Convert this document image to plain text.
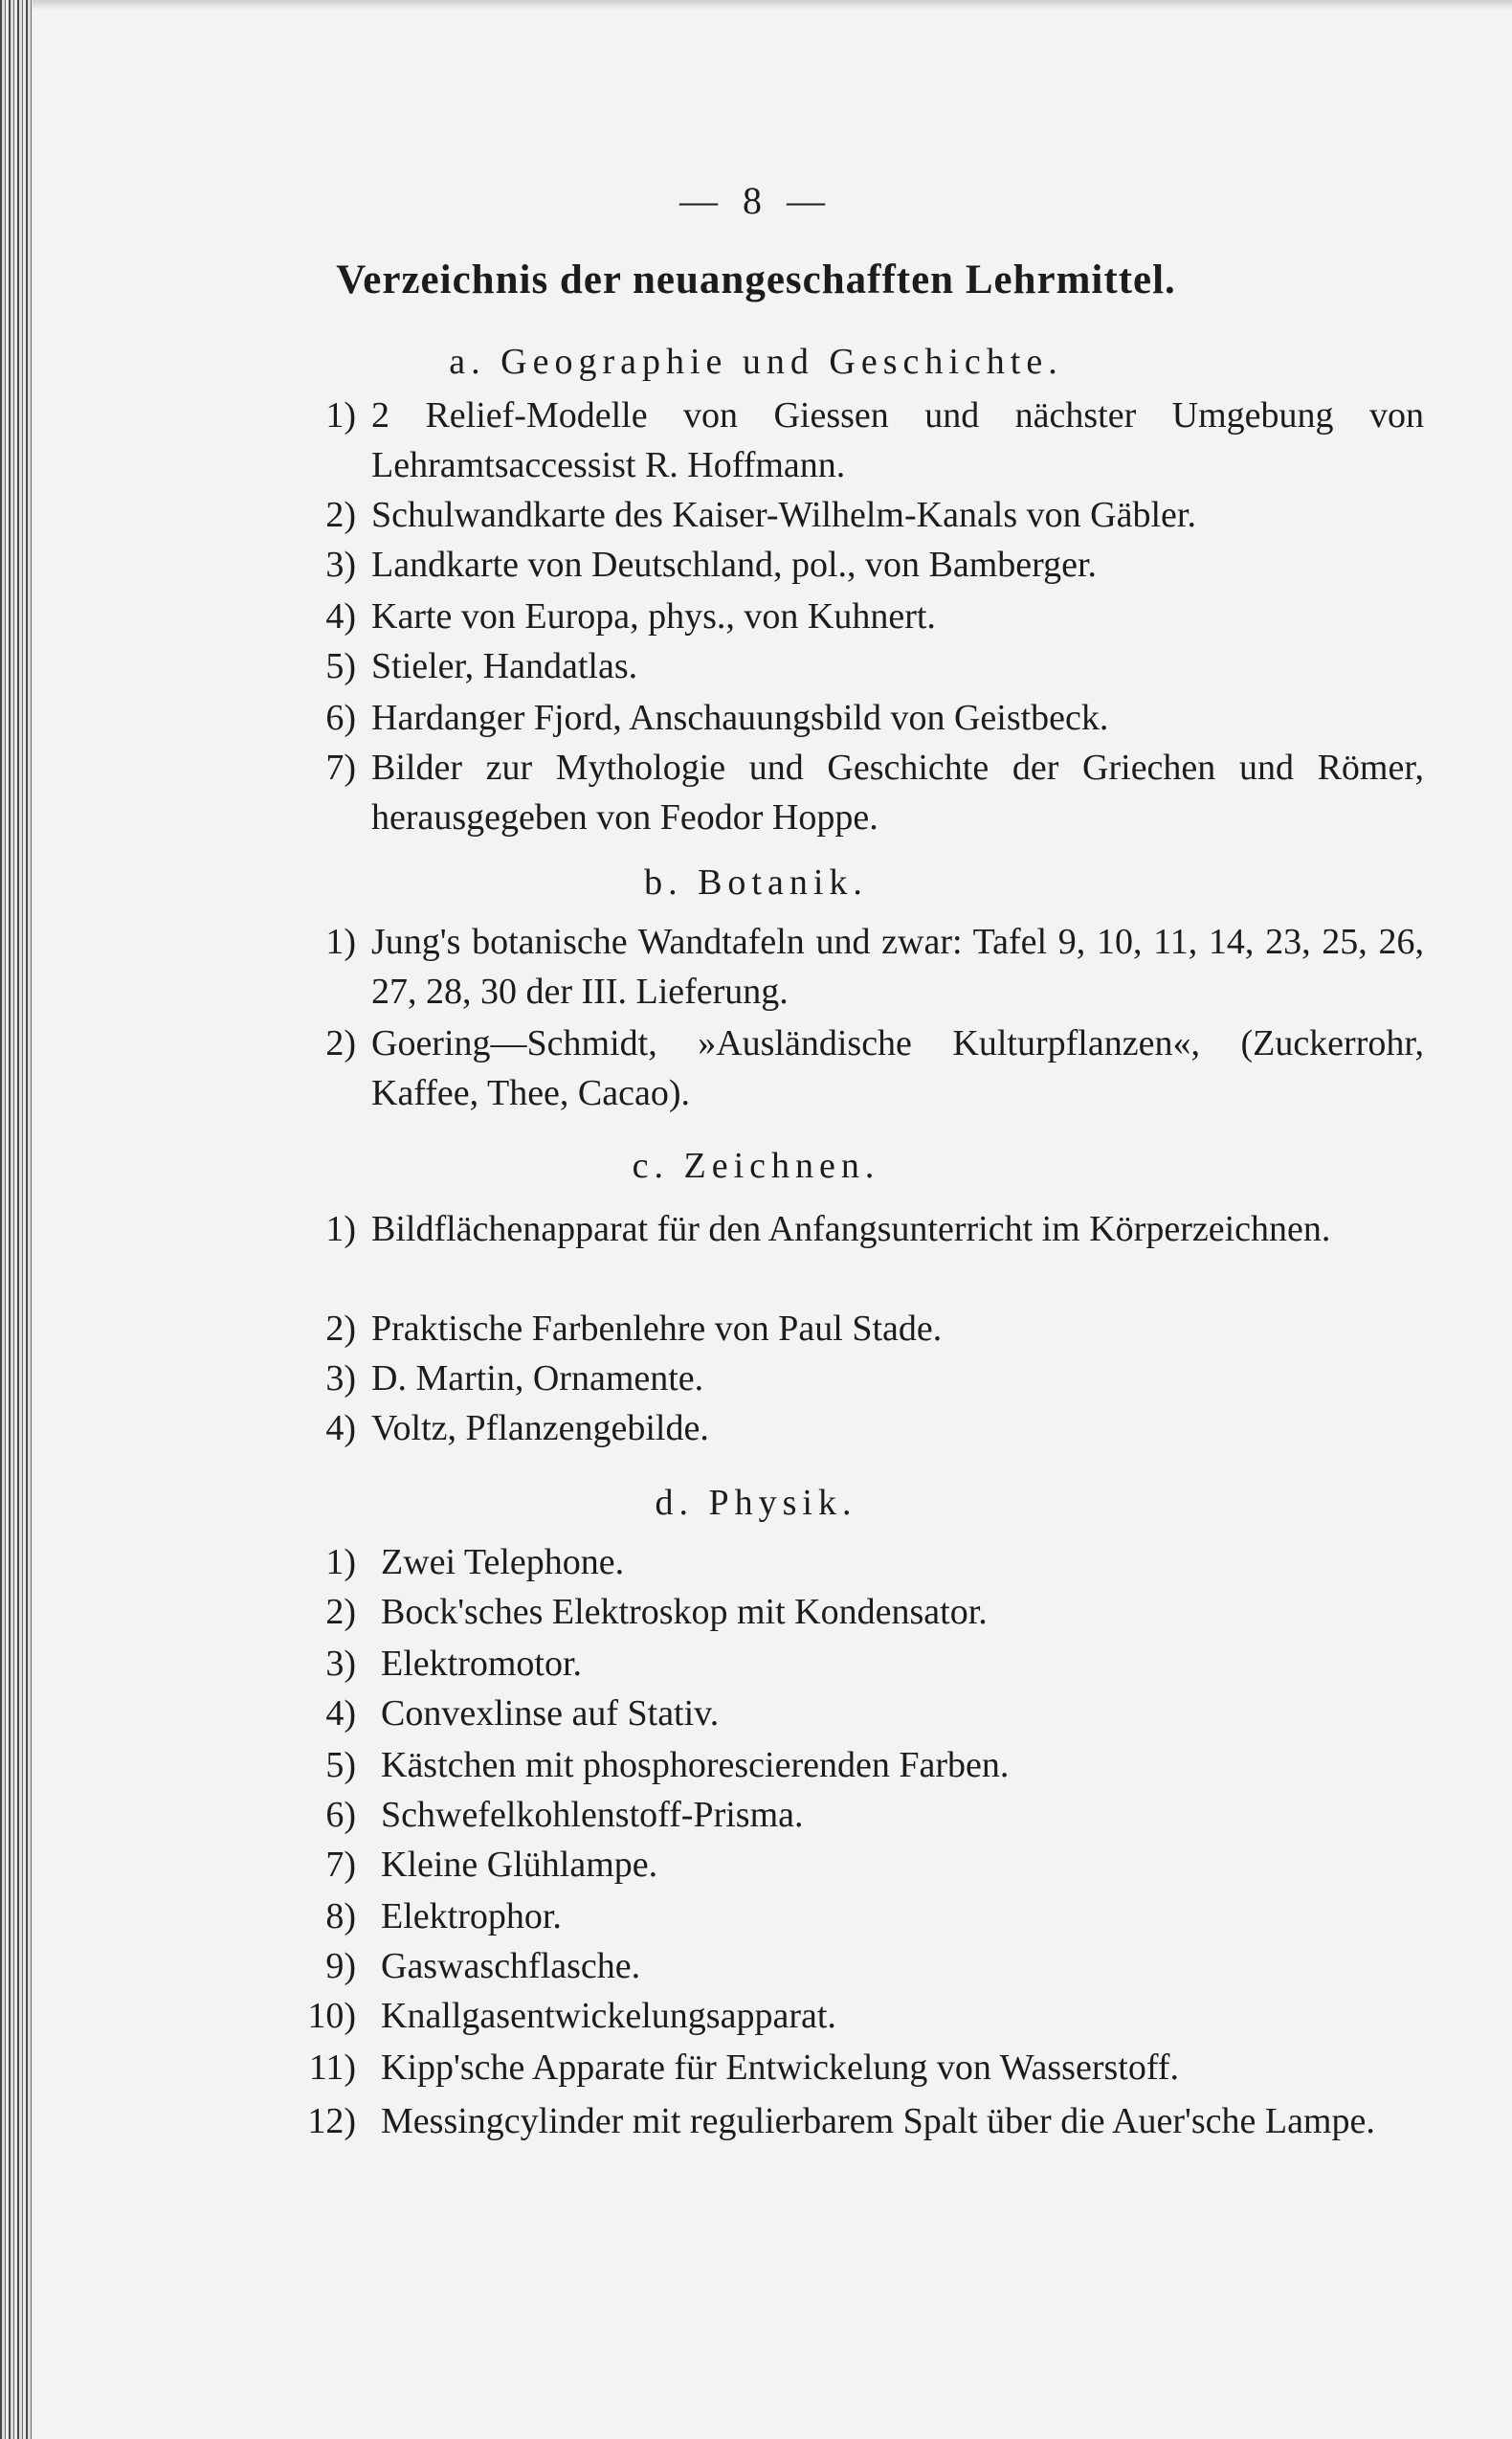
— 8 —
Verzeichnis der neuangeschafften Lehrmittel.
a. Geographie und Geschichte.
1) 2 Relief-Modelle von Giessen und nächster Umgebung von Lehramtsaccessist R. Hoffmann.
2) Schulwandkarte des Kaiser-Wilhelm-Kanals von Gäbler.
3) Landkarte von Deutschland, pol., von Bamberger.
4) Karte von Europa, phys., von Kuhnert.
5) Stieler, Handatlas.
6) Hardanger Fjord, Anschauungsbild von Geistbeck.
7) Bilder zur Mythologie und Geschichte der Griechen und Römer, herausgegeben von Feodor Hoppe.
b. Botanik.
1) Jung's botanische Wandtafeln und zwar: Tafel 9, 10, 11, 14, 23, 25, 26, 27, 28, 30 der III. Lieferung.
2) Goering—Schmidt, »Ausländische Kulturpflanzen«, (Zuckerrohr, Kaffee, Thee, Cacao).
c. Zeichnen.
1) Bildflächenapparat für den Anfangsunterricht im Körperzeichnen.
2) Praktische Farbenlehre von Paul Stade.
3) D. Martin, Ornamente.
4) Voltz, Pflanzengebilde.
d. Physik.
1) Zwei Telephone.
2) Bock'sches Elektroskop mit Kondensator.
3) Elektromotor.
4) Convexlinse auf Stativ.
5) Kästchen mit phosphorescierenden Farben.
6) Schwefelkohlenstoff-Prisma.
7) Kleine Glühlampe.
8) Elektrophor.
9) Gaswaschflasche.
10) Knallgasentwickelungsapparat.
11) Kipp'sche Apparate für Entwickelung von Wasserstoff.
12) Messingcylinder mit regulierbarem Spalt über die Auer'sche Lampe.
